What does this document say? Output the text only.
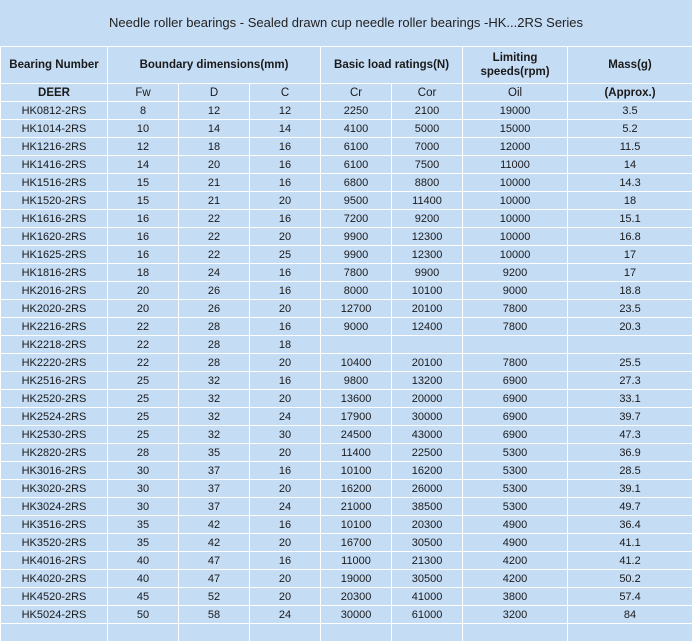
Needle roller bearings - Sealed drawn cup needle roller bearings -HK...2RS Series
Bearing Number	Boundary dimensions(mm)			Basic load ratings(N)		Limiting speeds(rpm)	Mass(g)
DEER	Fw	D	C	Cr	Cor	Oil	(Approx.)
HK0812-2RS	8	12	12	2250	2100	19000	3.5
HK1014-2RS	10	14	14	4100	5000	15000	5.2
HK1216-2RS	12	18	16	6100	7000	12000	11.5
HK1416-2RS	14	20	16	6100	7500	11000	14
HK1516-2RS	15	21	16	6800	8800	10000	14.3
HK1520-2RS	15	21	20	9500	11400	10000	18
HK1616-2RS	16	22	16	7200	9200	10000	15.1
HK1620-2RS	16	22	20	9900	12300	10000	16.8
HK1625-2RS	16	22	25	9900	12300	10000	17
HK1816-2RS	18	24	16	7800	9900	9200	17
HK2016-2RS	20	26	16	8000	10100	9000	18.8
HK2020-2RS	20	26	20	12700	20100	7800	23.5
HK2216-2RS	22	28	16	9000	12400	7800	20.3
HK2218-2RS	22	28	18				
HK2220-2RS	22	28	20	10400	20100	7800	25.5
HK2516-2RS	25	32	16	9800	13200	6900	27.3
HK2520-2RS	25	32	20	13600	20000	6900	33.1
HK2524-2RS	25	32	24	17900	30000	6900	39.7
HK2530-2RS	25	32	30	24500	43000	6900	47.3
HK2820-2RS	28	35	20	11400	22500	5300	36.9
HK3016-2RS	30	37	16	10100	16200	5300	28.5
HK3020-2RS	30	37	20	16200	26000	5300	39.1
HK3024-2RS	30	37	24	21000	38500	5300	49.7
HK3516-2RS	35	42	16	10100	20300	4900	36.4
HK3520-2RS	35	42	20	16700	30500	4900	41.1
HK4016-2RS	40	47	16	11000	21300	4200	41.2
HK4020-2RS	40	47	20	19000	30500	4200	50.2
HK4520-2RS	45	52	20	20300	41000	3800	57.4
HK5024-2RS	50	58	24	30000	61000	3200	84
